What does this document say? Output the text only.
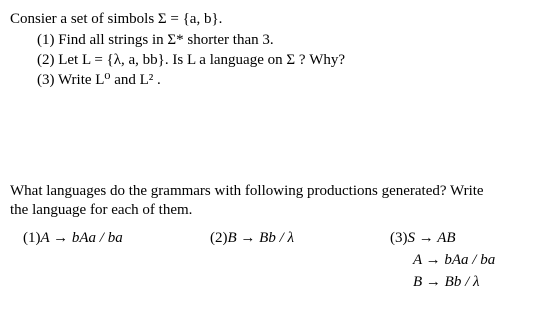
Consier a set of simbols Σ = {a, b}.
(1) Find all strings in Σ* shorter than 3.
(2) Let L = {λ, a, bb}. Is L a language on Σ ? Why?
(3) Write L⁰ and L² .
What languages do the grammars with following productions generated? Write
the language for each of them.
(1)A → bAa / ba	(2)B → Bb / λ	(3)S → AB
A → bAa / ba
B → Bb / λ
